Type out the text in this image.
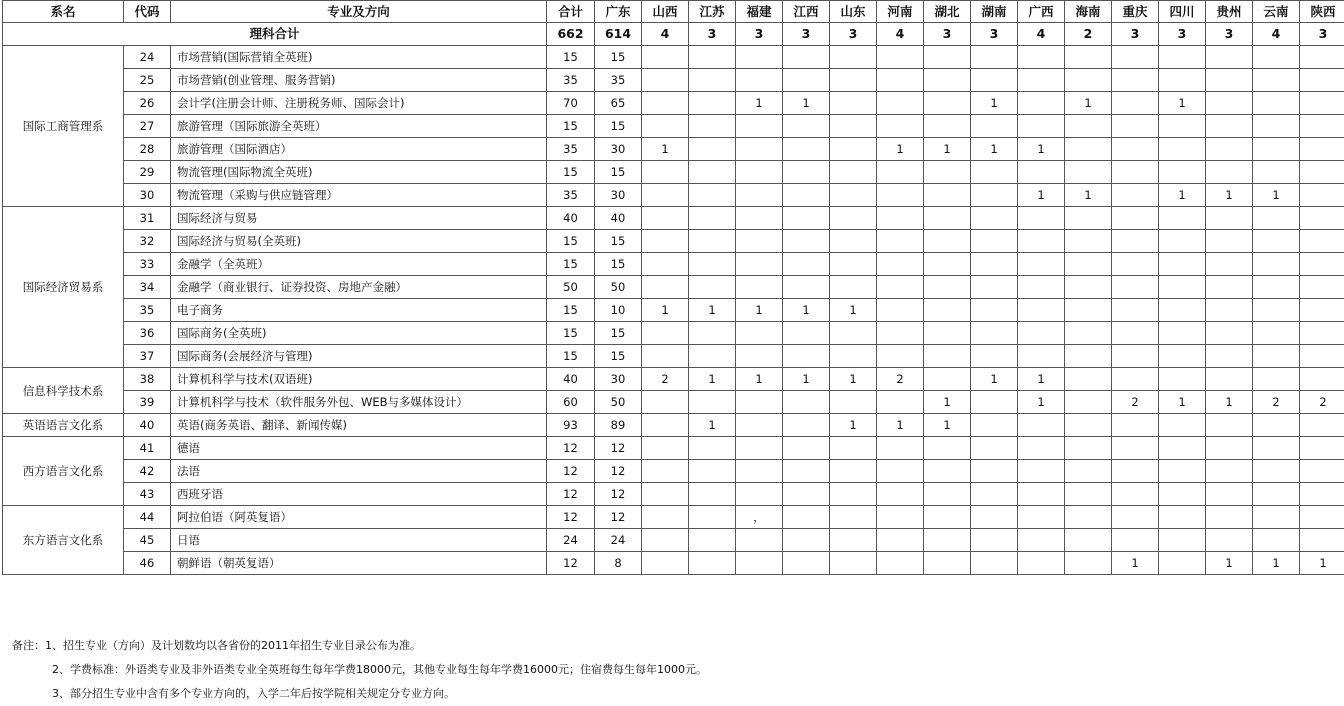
系名	代码	专业及方向	合计	广东	山西	江苏	福建	江西	山东	河南	湖北	湖南	广西	海南	重庆	四川	贵州	云南	陕西
理科合计			662	614	4	3	3	3	3	4	3	3	4	2	3	3	3	4	3
国际工商管理系	24	市场营销(国际营销全英班)	15	15															
	25	市场营销(创业管理、服务营销)	35	35															
	26	会计学(注册会计师、注册税务师、国际会计)	70	65			1	1				1		1		1			
	27	旅游管理（国际旅游全英班）	15	15															
	28	旅游管理（国际酒店）	35	30	1					1	1	1	1						
	29	物流管理(国际物流全英班)	15	15															
	30	物流管理（采购与供应链管理）	35	30									1	1		1	1	1	
国际经济贸易系	31	国际经济与贸易	40	40															
	32	国际经济与贸易(全英班)	15	15															
	33	金融学（全英班）	15	15															
	34	金融学（商业银行、证券投资、房地产金融）	50	50															
	35	电子商务	15	10	1	1	1	1	1										
	36	国际商务(全英班)	15	15															
	37	国际商务(会展经济与管理)	15	15															
信息科学技术系	38	计算机科学与技术(双语班)	40	30	2	1	1	1	1	2		1	1						
	39	计算机科学与技术（软件服务外包、WEB与多媒体设计）	60	50							1		1		2	1	1	2	2
英语语言文化系	40	英语(商务英语、翻译、新闻传媒)	93	89		1			1	1	1								
西方语言文化系	41	德语	12	12															
	42	法语	12	12															
	43	西班牙语	12	12															
东方语言文化系	44	阿拉伯语（阿英复语）	12	12			，												
	45	日语	24	24															
	46	朝鲜语（朝英复语）	12	8											1		1	1	1
备注：1、招生专业（方向）及计划数均以各省份的2011年招生专业目录公布为准。
2、学费标准：外语类专业及非外语类专业全英班每生每年学费18000元，其他专业每生每年学费16000元；住宿费每生每年1000元。
3、部分招生专业中含有多个专业方向的，入学二年后按学院相关规定分专业方向。
